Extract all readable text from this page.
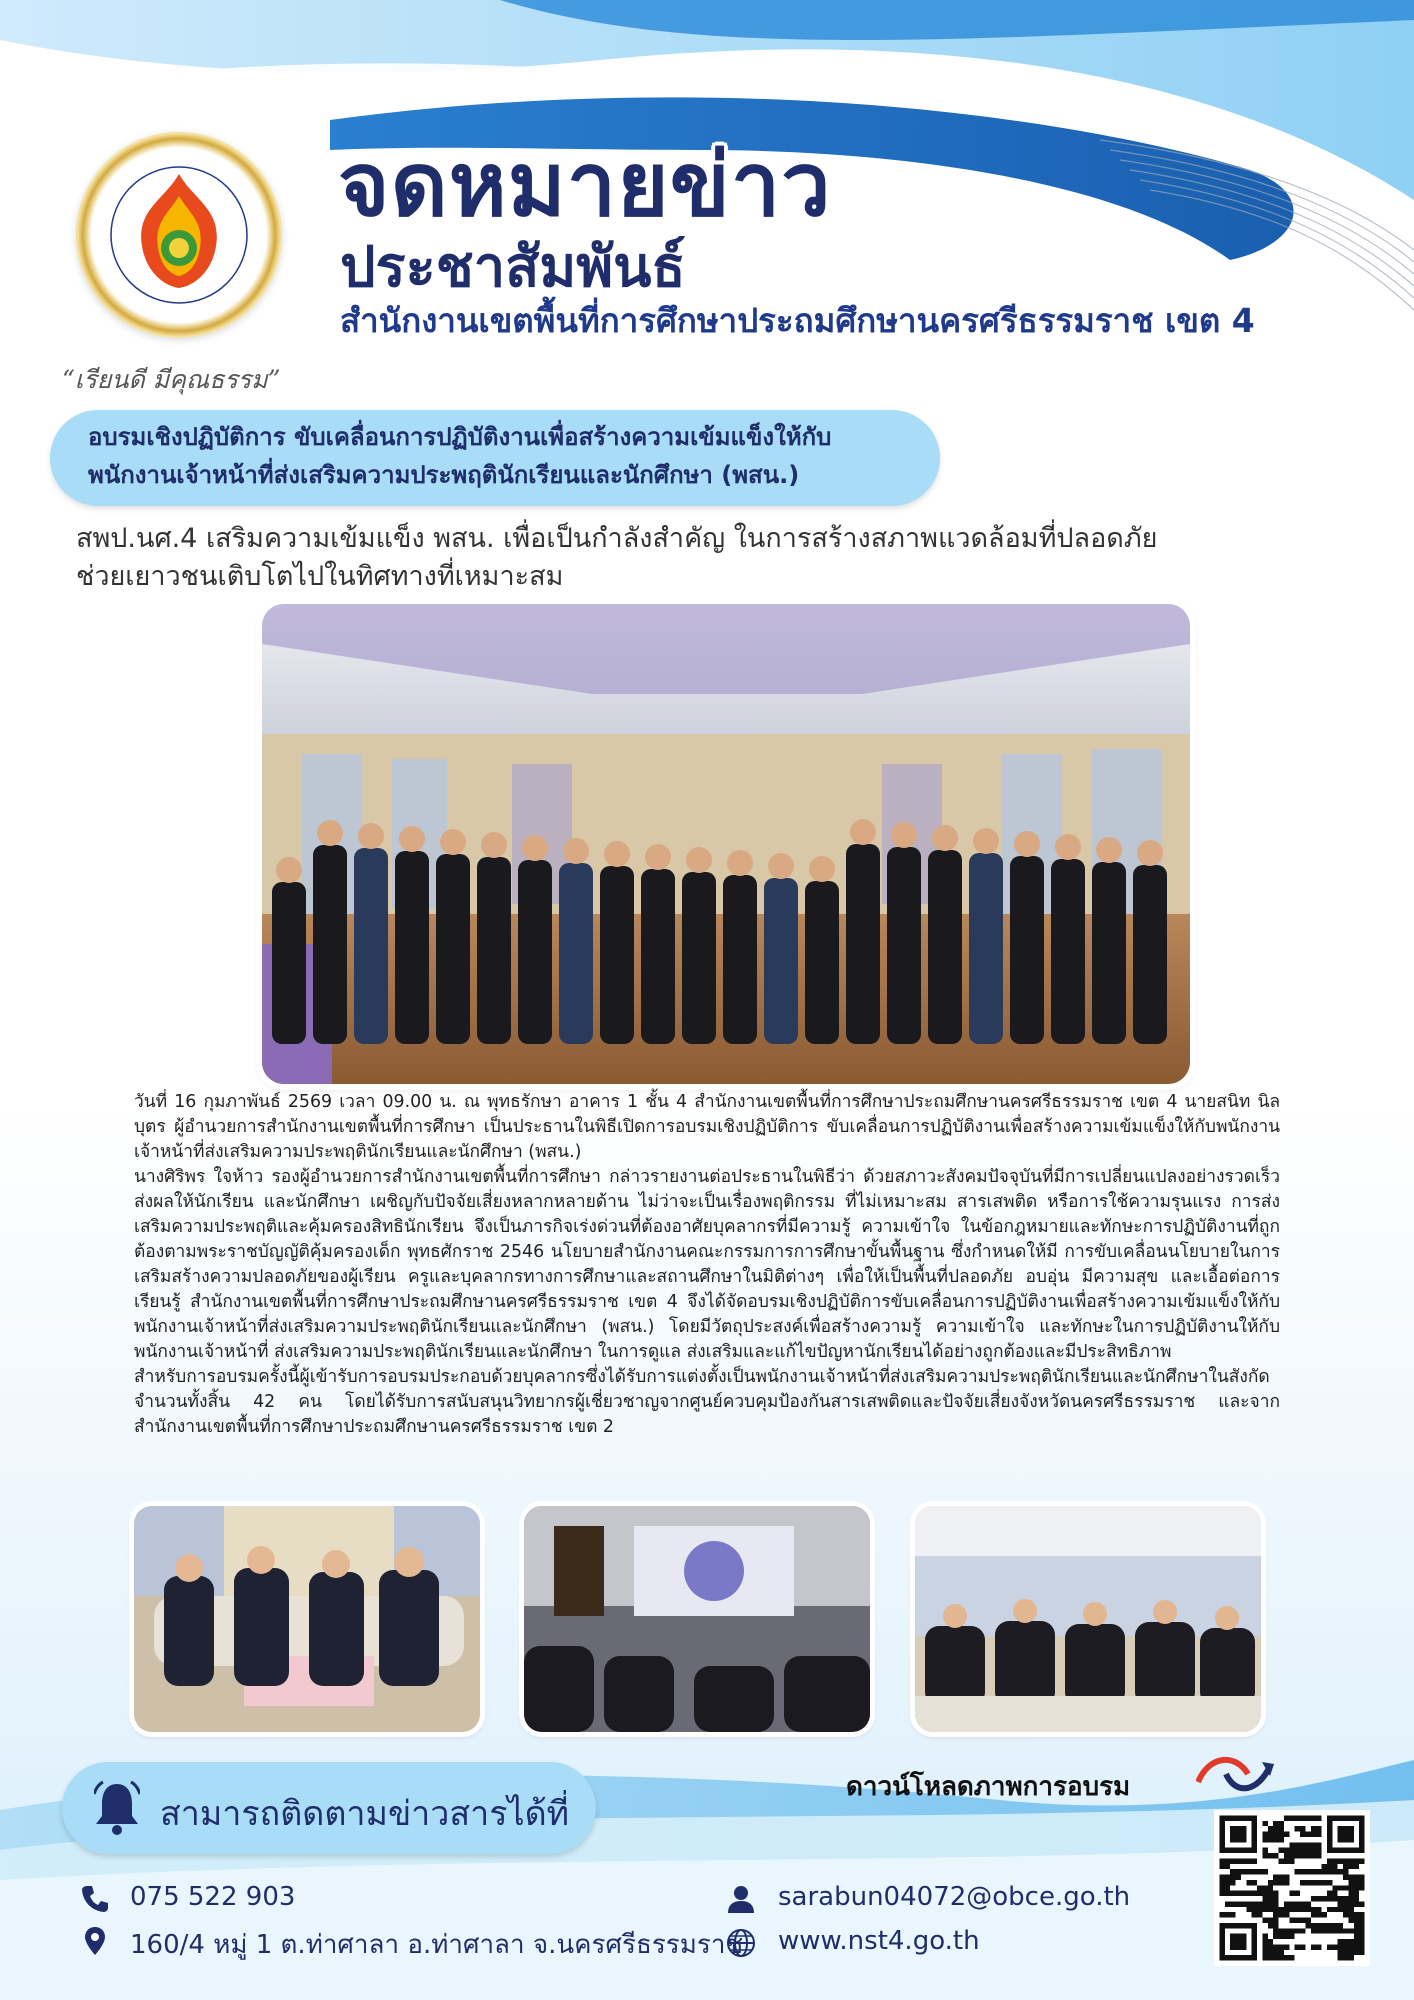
จดหมายข่าว
ประชาสัมพันธ์
สำนักงานเขตพื้นที่การศึกษาประถมศึกษานครศรีธรรมราช เขต 4
“เรียนดี มีคุณธรรม”
อบรมเชิงปฏิบัติการ ขับเคลื่อนการปฏิบัติงานเพื่อสร้างความเข้มแข็งให้กับ
พนักงานเจ้าหน้าที่ส่งเสริมความประพฤตินักเรียนและนักศึกษา (พสน.)
สพป.นศ.4 เสริมความเข้มแข็ง พสน. เพื่อเป็นกำลังสำคัญ ในการสร้างสภาพแวดล้อมที่ปลอดภัย
ช่วยเยาวชนเติบโตไปในทิศทางที่เหมาะสม

วันที่ 16 กุมภาพันธ์ 2569 เวลา 09.00 น. ณ พุทธรักษา อาคาร 1 ชั้น 4 สำนักงานเขตพื้นที่การศึกษาประถมศึกษานครศรีธรรมราช เขต 4 นายสนิท นิลบุตร ผู้อำนวยการสำนักงานเขตพื้นที่การศึกษา เป็นประธานในพิธีเปิดการอบรมเชิงปฏิบัติการ ขับเคลื่อนการปฏิบัติงานเพื่อสร้างความเข้มแข็งให้กับพนักงานเจ้าหน้าที่ส่งเสริมความประพฤตินักเรียนและนักศึกษา (พสน.)

นางศิริพร ใจห้าว รองผู้อำนวยการสำนักงานเขตพื้นที่การศึกษา กล่าวรายงานต่อประธานในพิธีว่า ด้วยสภาวะสังคมปัจจุบันที่มีการเปลี่ยนแปลงอย่างรวดเร็ว ส่งผลให้นักเรียน และนักศึกษา เผชิญกับปัจจัยเสี่ยงหลากหลายด้าน ไม่ว่าจะเป็นเรื่องพฤติกรรม ที่ไม่เหมาะสม สารเสพติด หรือการใช้ความรุนแรง การส่งเสริมความประพฤติและคุ้มครองสิทธินักเรียน จึงเป็นภารกิจเร่งด่วนที่ต้องอาศัยบุคลากรที่มีความรู้ ความเข้าใจ ในข้อกฎหมายและทักษะการปฏิบัติงานที่ถูกต้องตามพระราชบัญญัติคุ้มครองเด็ก พุทธศักราช 2546 นโยบายสำนักงานคณะกรรมการการศึกษาขั้นพื้นฐาน ซึ่งกำหนดให้มี การขับเคลื่อนนโยบายในการเสริมสร้างความปลอดภัยของผู้เรียน ครูและบุคลากรทางการศึกษาและสถานศึกษาในมิติต่างๆ เพื่อให้เป็นพื้นที่ปลอดภัย อบอุ่น มีความสุข และเอื้อต่อการเรียนรู้ สำนักงานเขตพื้นที่การศึกษาประถมศึกษานครศรีธรรมราช เขต 4 จึงได้จัดอบรมเชิงปฏิบัติการขับเคลื่อนการปฏิบัติงานเพื่อสร้างความเข้มแข็งให้กับ พนักงานเจ้าหน้าที่ส่งเสริมความประพฤตินักเรียนและนักศึกษา (พสน.) โดยมีวัตถุประสงค์เพื่อสร้างความรู้ ความเข้าใจ และทักษะในการปฏิบัติงานให้กับพนักงานเจ้าหน้าที่ ส่งเสริมความประพฤตินักเรียนและนักศึกษา ในการดูแล ส่งเสริมและแก้ไขปัญหานักเรียนได้อย่างถูกต้องและมีประสิทธิภาพ

สำหรับการอบรมครั้งนี้ผู้เข้ารับการอบรมประกอบด้วยบุคลากรซึ่งได้รับการแต่งตั้งเป็นพนักงานเจ้าหน้าที่ส่งเสริมความประพฤตินักเรียนและนักศึกษาในสังกัด จำนวนทั้งสิ้น 42 คน โดยได้รับการสนับสนุนวิทยากรผู้เชี่ยวชาญจากศูนย์ควบคุมป้องกันสารเสพติดและปัจจัยเสี่ยงจังหวัดนครศรีธรรมราช และจากสำนักงานเขตพื้นที่การศึกษาประถมศึกษานครศรีธรรมราช เขต 2

สามารถติดตามข่าวสารได้ที่
ดาวน์โหลดภาพการอบรม
075 522 903
160/4 หมู่ 1 ต.ท่าศาลา อ.ท่าศาลา จ.นครศรีธรรมราช
sarabun04072@obce.go.th
www.nst4.go.th
